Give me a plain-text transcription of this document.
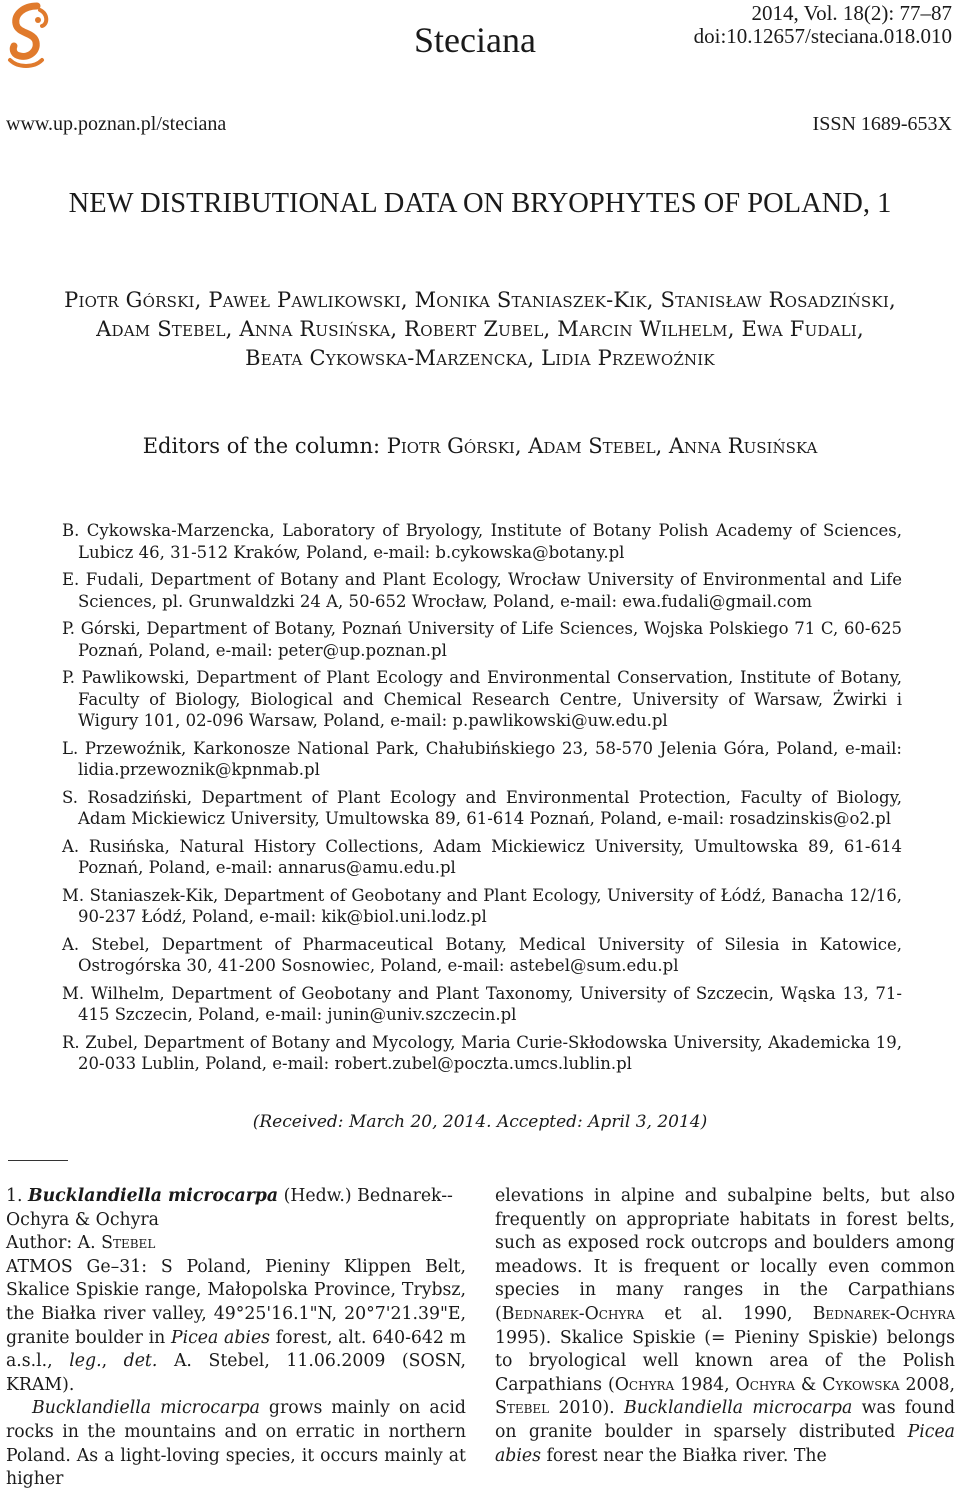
Steciana
2014, Vol. 18(2): 77–87
doi:10.12657/steciana.018.010
www.up.poznan.pl/steciana	ISSN 1689-653X
NEW DISTRIBUTIONAL DATA ON BRYOPHYTES OF POLAND, 1
Piotr Górski, Paweł Pawlikowski, Monika Staniaszek-Kik, Stanisław Rosadziński,
Adam Stebel, Anna Rusińska, Robert Zubel, Marcin Wilhelm, Ewa Fudali,
Beata Cykowska-Marzencka, Lidia Przewoźnik
Editors of the column: Piotr Górski, Adam Stebel, Anna Rusińska

B. Cykowska-Marzencka, Laboratory of Bryology, Institute of Botany Polish Academy of Sciences, Lubicz 46, 31-512 Kraków, Poland, e-mail: b.cykowska@botany.pl

E. Fudali, Department of Botany and Plant Ecology, Wrocław University of Environmental and Life Sciences, pl. Grunwaldzki 24 A, 50-652 Wrocław, Poland, e-mail: ewa.fudali@gmail.com

P. Górski, Department of Botany, Poznań University of Life Sciences, Wojska Polskiego 71 C, 60-625 Poznań, Poland, e-mail: peter@up.poznan.pl

P. Pawlikowski, Department of Plant Ecology and Environmental Conservation, Institute of Botany, Faculty of Biology, Biological and Chemical Research Centre, University of Warsaw, Żwirki i Wigury 101, 02-096 Warsaw, Poland, e-mail: p.pawlikowski@uw.edu.pl

L. Przewoźnik, Karkonosze National Park, Chałubińskiego 23, 58-570 Jelenia Góra, Poland, e-mail: lidia.przewoznik@kpnmab.pl

S. Rosadziński, Department of Plant Ecology and Environmental Protection, Faculty of Biology, Adam Mickiewicz University, Umultowska 89, 61-614 Poznań, Poland, e-mail: rosadzinskis@o2.pl

A. Rusińska, Natural History Collections, Adam Mickiewicz University, Umultowska 89, 61-614 Poznań, Poland, e-mail: annarus@amu.edu.pl

M. Staniaszek-Kik, Department of Geobotany and Plant Ecology, University of Łódź, Banacha 12/16, 90-237 Łódź, Poland, e-mail: kik@biol.uni.lodz.pl

A. Stebel, Department of Pharmaceutical Botany, Medical University of Silesia in Katowice, Ostrogórska 30, 41-200 Sosnowiec, Poland, e-mail: astebel@sum.edu.pl

M. Wilhelm, Department of Geobotany and Plant Taxonomy, University of Szczecin, Wąska 13, 71-415 Szczecin, Poland, e-mail: junin@univ.szczecin.pl

R. Zubel, Department of Botany and Mycology, Maria Curie-Skłodowska University, Akademicka 19, 20-033 Lublin, Poland, e-mail: robert.zubel@poczta.umcs.lublin.pl

(Received: March 20, 2014. Accepted: April 3, 2014)

1. Bucklandiella microcarpa (Hedw.) Bednarek--Ochyra & Ochyra

Author: A. Stebel

ATMOS Ge–31: S Poland, Pieniny Klippen Belt, Skalice Spiskie range, Małopolska Province, Trybsz, the Białka river valley, 49°25'16.1"N, 20°7'21.39"E, granite boulder in Picea abies forest, alt. 640-642 m a.s.l., leg., det. A. Stebel, 11.06.2009 (SOSN, KRAM).

Bucklandiella microcarpa grows mainly on acid rocks in the mountains and on erratic in northern Poland. As a light-loving species, it occurs mainly at higher

elevations in alpine and subalpine belts, but also frequently on appropriate habitats in forest belts, such as exposed rock outcrops and boulders among meadows. It is frequent or locally even common species in many ranges in the Carpathians (Bednarek-Ochyra et al. 1990, Bednarek-Ochyra 1995). Skalice Spiskie (= Pieniny Spiskie) belongs to bryological well known area of the Polish Carpathians (Ochyra 1984, Ochyra & Cykowska 2008, Stebel 2010). Bucklandiella microcarpa was found on granite boulder in sparsely distributed Picea abies forest near the Białka river. The
